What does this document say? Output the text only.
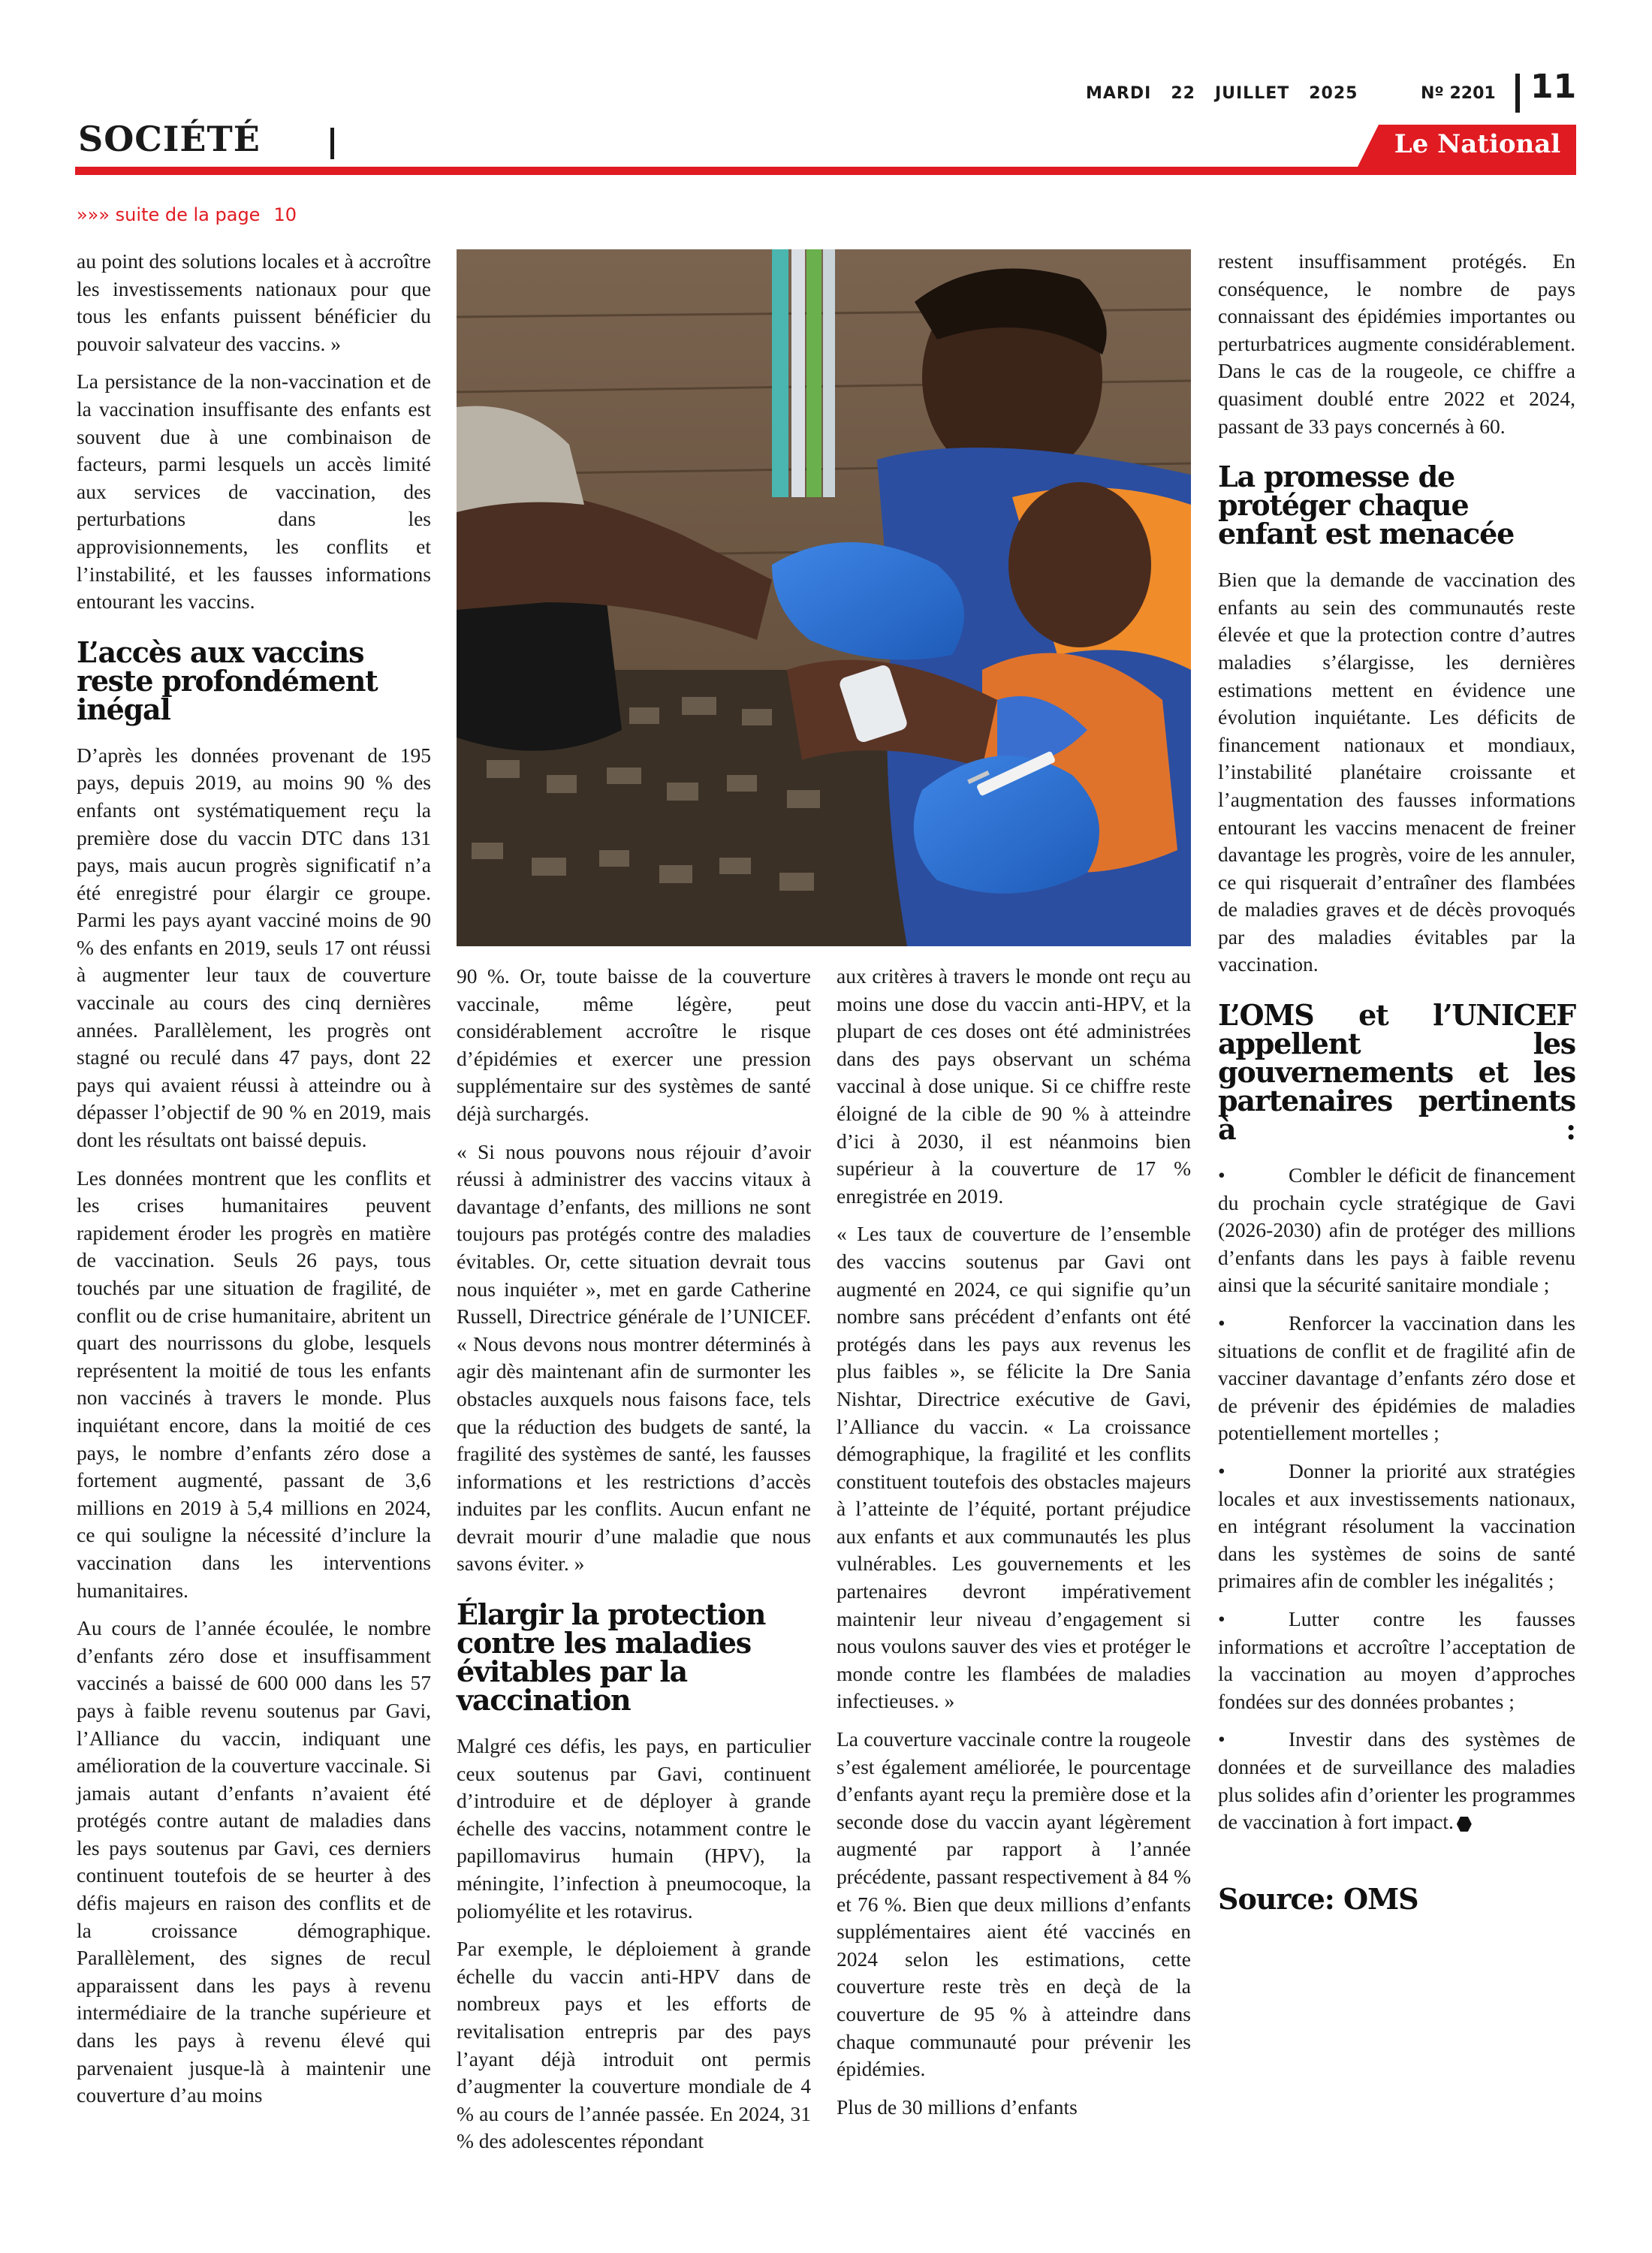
MARDI 22 JUILLET 2025	Nº 2201 11
SOCIÉTÉ	Le National
»»» suite de la page 10

au point des solutions locales et à accroître les investissements nationaux pour que tous les enfants puissent bénéficier du pouvoir salvateur des vaccins. »

La persistance de la non-vaccination et de la vaccination insuffisante des enfants est souvent due à une combinaison de facteurs, parmi lesquels un accès limité aux services de vaccination, des perturbations dans les approvisionnements, les conflits et l’instabilité, et les fausses informations entourant les vaccins.

L’accès aux vaccins reste profondément inégal

D’après les données provenant de 195 pays, depuis 2019, au moins 90 % des enfants ont systématiquement reçu la première dose du vaccin DTC dans 131 pays, mais aucun progrès significatif n’a été enregistré pour élargir ce groupe. Parmi les pays ayant vacciné moins de 90 % des enfants en 2019, seuls 17 ont réussi à augmenter leur taux de couverture vaccinale au cours des cinq dernières années. Parallèlement, les progrès ont stagné ou reculé dans 47 pays, dont 22 pays qui avaient réussi à atteindre ou à dépasser l’objectif de 90 % en 2019, mais dont les résultats ont baissé depuis.

Les données montrent que les conflits et les crises humanitaires peuvent rapidement éroder les progrès en matière de vaccination. Seuls 26 pays, tous touchés par une situation de fragilité, de conflit ou de crise humanitaire, abritent un quart des nourrissons du globe, lesquels représentent la moitié de tous les enfants non vaccinés à travers le monde. Plus inquiétant encore, dans la moitié de ces pays, le nombre d’enfants zéro dose a fortement augmenté, passant de 3,6 millions en 2019 à 5,4 millions en 2024, ce qui souligne la nécessité d’inclure la vaccination dans les interventions humanitaires.

Au cours de l’année écoulée, le nombre d’enfants zéro dose et insuffisamment vaccinés a baissé de 600 000 dans les 57 pays à faible revenu soutenus par Gavi, l’Alliance du vaccin, indiquant une amélioration de la couverture vaccinale. Si jamais autant d’enfants n’avaient été protégés contre autant de maladies dans les pays soutenus par Gavi, ces derniers continuent toutefois de se heurter à des défis majeurs en raison des conflits et de la croissance démographique. Parallèlement, des signes de recul apparaissent dans les pays à revenu intermédiaire de la tranche supérieure et dans les pays à revenu élevé qui parvenaient jusque-là à maintenir une couverture d’au moins

90 %. Or, toute baisse de la couverture vaccinale, même légère, peut considérablement accroître le risque d’épidémies et exercer une pression supplémentaire sur des systèmes de santé déjà surchargés.

« Si nous pouvons nous réjouir d’avoir réussi à administrer des vaccins vitaux à davantage d’enfants, des millions ne sont toujours pas protégés contre des maladies évitables. Or, cette situation devrait tous nous inquiéter », met en garde Catherine Russell, Directrice générale de l’UNICEF. « Nous devons nous montrer déterminés à agir dès maintenant afin de surmonter les obstacles auxquels nous faisons face, tels que la réduction des budgets de santé, la fragilité des systèmes de santé, les fausses informations et les restrictions d’accès induites par les conflits. Aucun enfant ne devrait mourir d’une maladie que nous savons éviter. »

Élargir la protection contre les maladies évitables par la vaccination

Malgré ces défis, les pays, en particulier ceux soutenus par Gavi, continuent d’introduire et de déployer à grande échelle des vaccins, notamment contre le papillomavirus humain (HPV), la méningite, l’infection à pneumocoque, la poliomyélite et les rotavirus.

Par exemple, le déploiement à grande échelle du vaccin anti-HPV dans de nombreux pays et les efforts de revitalisation entrepris par des pays l’ayant déjà introduit ont permis d’augmenter la couverture mondiale de 4 % au cours de l’année passée. En 2024, 31 % des adolescentes répondant

aux critères à travers le monde ont reçu au moins une dose du vaccin anti-HPV, et la plupart de ces doses ont été administrées dans des pays observant un schéma vaccinal à dose unique. Si ce chiffre reste éloigné de la cible de 90 % à atteindre d’ici à 2030, il est néanmoins bien supérieur à la couverture de 17 % enregistrée en 2019.

« Les taux de couverture de l’ensemble des vaccins soutenus par Gavi ont augmenté en 2024, ce qui signifie qu’un nombre sans précédent d’enfants ont été protégés dans les pays aux revenus les plus faibles », se félicite la Dre Sania Nishtar, Directrice exécutive de Gavi, l’Alliance du vaccin. « La croissance démographique, la fragilité et les conflits constituent toutefois des obstacles majeurs à l’atteinte de l’équité, portant préjudice aux enfants et aux communautés les plus vulnérables. Les gouvernements et les partenaires devront impérativement maintenir leur niveau d’engagement si nous voulons sauver des vies et protéger le monde contre les flambées de maladies infectieuses. »

La couverture vaccinale contre la rougeole s’est également améliorée, le pourcentage d’enfants ayant reçu la première dose et la seconde dose du vaccin ayant légèrement augmenté par rapport à l’année précédente, passant respectivement à 84 % et 76 %. Bien que deux millions d’enfants supplémentaires aient été vaccinés en 2024 selon les estimations, cette couverture reste très en deçà de la couverture de 95 % à atteindre dans chaque communauté pour prévenir les épidémies.

Plus de 30 millions d’enfants

restent insuffisamment protégés. En conséquence, le nombre de pays connaissant des épidémies importantes ou perturbatrices augmente considérablement. Dans le cas de la rougeole, ce chiffre a quasiment doublé entre 2022 et 2024, passant de 33 pays concernés à 60.

La promesse de protéger chaque enfant est menacée

Bien que la demande de vaccination des enfants au sein des communautés reste élevée et que la protection contre d’autres maladies s’élargisse, les dernières estimations mettent en évidence une évolution inquiétante. Les déficits de financement nationaux et mondiaux, l’instabilité planétaire croissante et l’augmentation des fausses informations entourant les vaccins menacent de freiner davantage les progrès, voire de les annuler, ce qui risquerait d’entraîner des flambées de maladies graves et de décès provoqués par des maladies évitables par la vaccination.

L’OMS et l’UNICEF appellent les gouvernements et les partenaires pertinents à :

•	Combler le déficit de financement du prochain cycle stratégique de Gavi (2026-2030) afin de protéger des millions d’enfants dans les pays à faible revenu ainsi que la sécurité sanitaire mondiale ;

•	Renforcer la vaccination dans les situations de conflit et de fragilité afin de vacciner davantage d’enfants zéro dose et de prévenir des épidémies de maladies potentiellement mortelles ;

•	Donner la priorité aux stratégies locales et aux investissements nationaux, en intégrant résolument la vaccination dans les systèmes de soins de santé primaires afin de combler les inégalités ;

•	Lutter contre les fausses informations et accroître l’acceptation de la vaccination au moyen d’approches fondées sur des données probantes ;

•	Investir dans des systèmes de données et de surveillance des maladies plus solides afin d’orienter les programmes de vaccination à fort impact.

Source: OMS
